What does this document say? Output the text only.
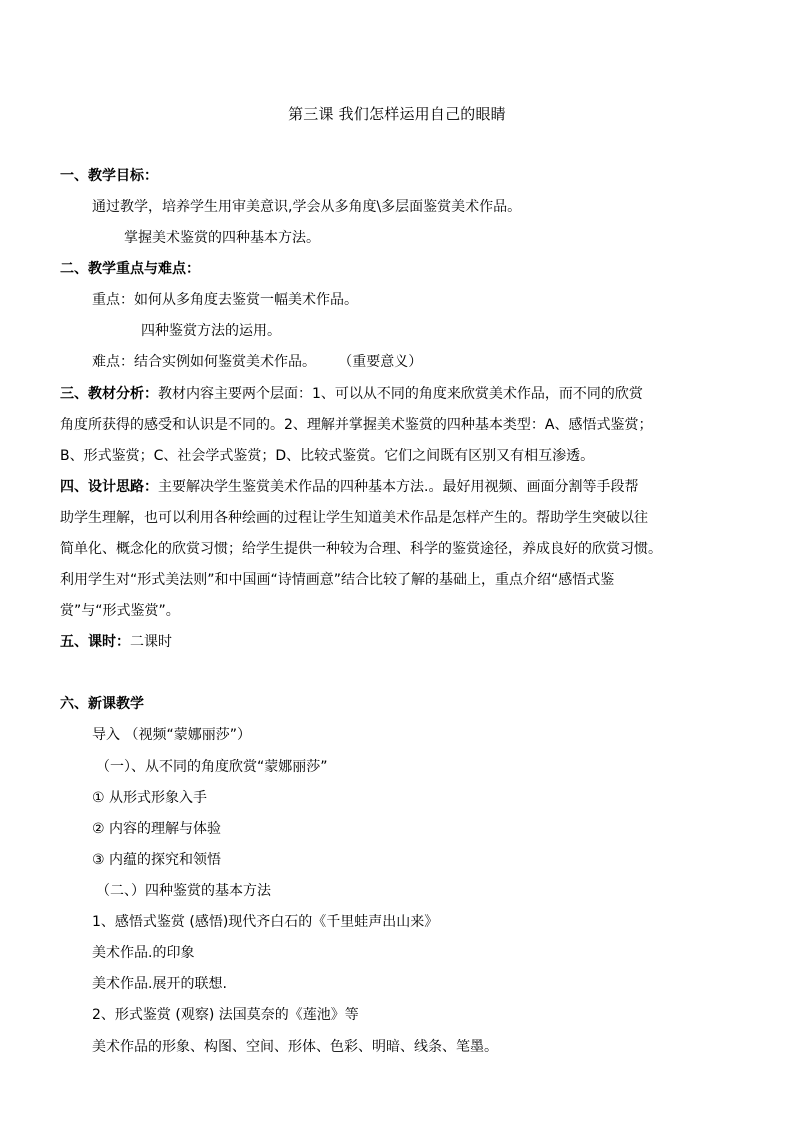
第三课 我们怎样运用自己的眼睛
一、教学目标：
通过教学，培养学生用审美意识,学会从多角度\多层面鉴赏美术作品。
掌握美术鉴赏的四种基本方法。
二、教学重点与难点：
重点：如何从多角度去鉴赏一幅美术作品。
四种鉴赏方法的运用。
难点：结合实例如何鉴赏美术作品。     （重要意义）
三、教材分析：教材内容主要两个层面：1、可以从不同的角度来欣赏美术作品，而不同的欣赏
角度所获得的感受和认识是不同的。2、理解并掌握美术鉴赏的四种基本类型：A、感悟式鉴赏；
B、形式鉴赏；C、社会学式鉴赏；D、比较式鉴赏。它们之间既有区别又有相互渗透。
四、设计思路：主要解决学生鉴赏美术作品的四种基本方法.。最好用视频、画面分割等手段帮
助学生理解，也可以利用各种绘画的过程让学生知道美术作品是怎样产生的。帮助学生突破以往
简单化、概念化的欣赏习惯；给学生提供一种较为合理、科学的鉴赏途径，养成良好的欣赏习惯。
利用学生对“形式美法则”和中国画“诗情画意”结合比较了解的基础上，重点介绍“感悟式鉴
赏”与“形式鉴赏”。
五、课时：二课时
六、新课教学
导入 （视频“蒙娜丽莎”）
（一）、从不同的角度欣赏“蒙娜丽莎”
① 从形式形象入手
② 内容的理解与体验
③ 内蕴的探究和领悟
（二、）四种鉴赏的基本方法
1、感悟式鉴赏 (感悟)现代齐白石的《千里蛙声出山来》
美术作品.的印象
美术作品.展开的联想.
2、形式鉴赏 (观察) 法国莫奈的《莲池》等
美术作品的形象、构图、空间、形体、色彩、明暗、线条、笔墨。
